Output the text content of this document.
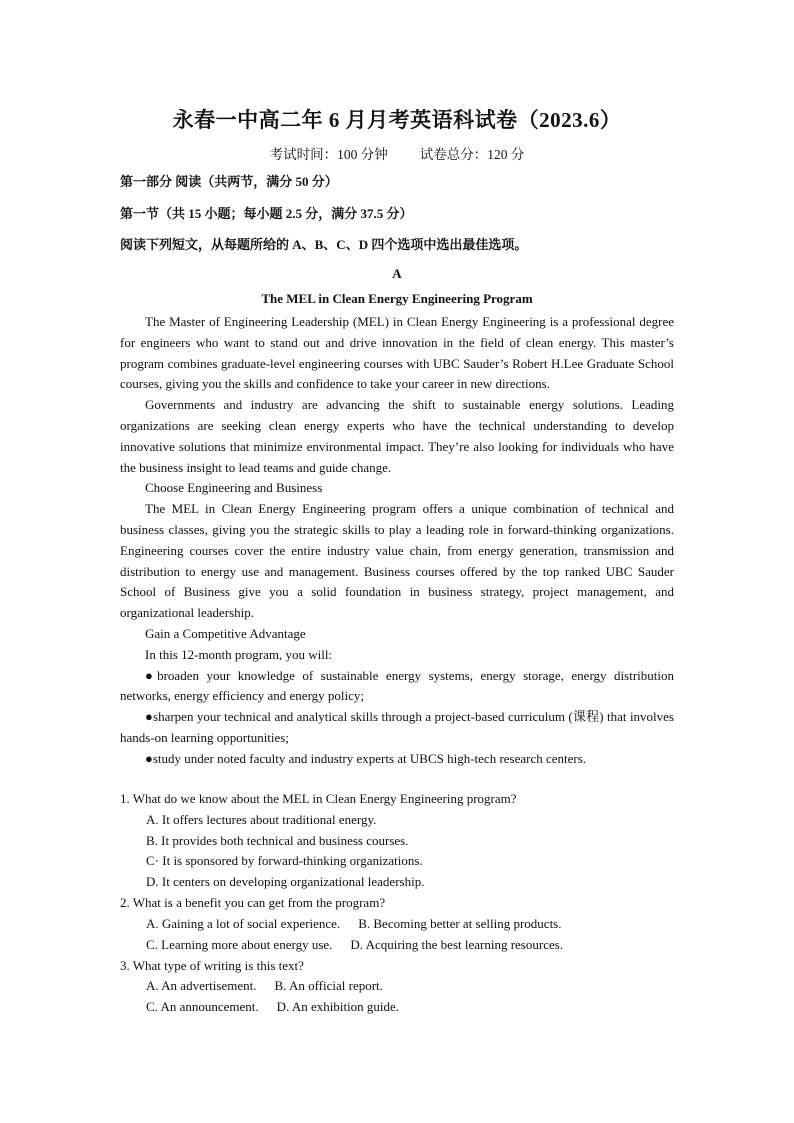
永春一中高二年 6 月月考英语科试卷（2023.6）
考试时间：100 分钟 试卷总分：120 分
第一部分 阅读（共两节，满分 50 分）
第一节（共 15 小题；每小题 2.5 分，满分 37.5 分）
阅读下列短文，从每题所给的 A、B、C、D 四个选项中选出最佳选项。
A
The MEL in Clean Energy Engineering Program

The Master of Engineering Leadership (MEL) in Clean Energy Engineering is a professional degree for engineers who want to stand out and drive innovation in the field of clean energy. This master’s program combines graduate-level engineering courses with UBC Sauder’s Robert H.Lee Graduate School courses, giving you the skills and confidence to take your career in new directions.

Governments and industry are advancing the shift to sustainable energy solutions. Leading organizations are seeking clean energy experts who have the technical understanding to develop innovative solutions that minimize environmental impact. They’re also looking for individuals who have the business insight to lead teams and guide change.

Choose Engineering and Business

The MEL in Clean Energy Engineering program offers a unique combination of technical and business classes, giving you the strategic skills to play a leading role in forward-thinking organizations. Engineering courses cover the entire industry value chain, from energy generation, transmission and distribution to energy use and management. Business courses offered by the top ranked UBC Sauder School of Business give you a solid foundation in business strategy, project management, and organizational leadership.

Gain a Competitive Advantage

In this 12-month program, you will:

●broaden your knowledge of sustainable energy systems, energy storage, energy distribution networks, energy efficiency and energy policy;

●sharpen your technical and analytical skills through a project-based curriculum (课程) that involves hands-on learning opportunities;

●study under noted faculty and industry experts at UBCS high-tech research centers.

1. What do we know about the MEL in Clean Energy Engineering program?
A. It offers lectures about traditional energy.
B. It provides both technical and business courses.
C· It is sponsored by forward-thinking organizations.
D. It centers on developing organizational leadership.
2. What is a benefit you can get from the program?
A. Gaining a lot of social experience. B. Becoming better at selling products.
C. Learning more about energy use. D. Acquiring the best learning resources.
3. What type of writing is this text?
A. An advertisement. B. An official report.
C. An announcement. D. An exhibition guide.
